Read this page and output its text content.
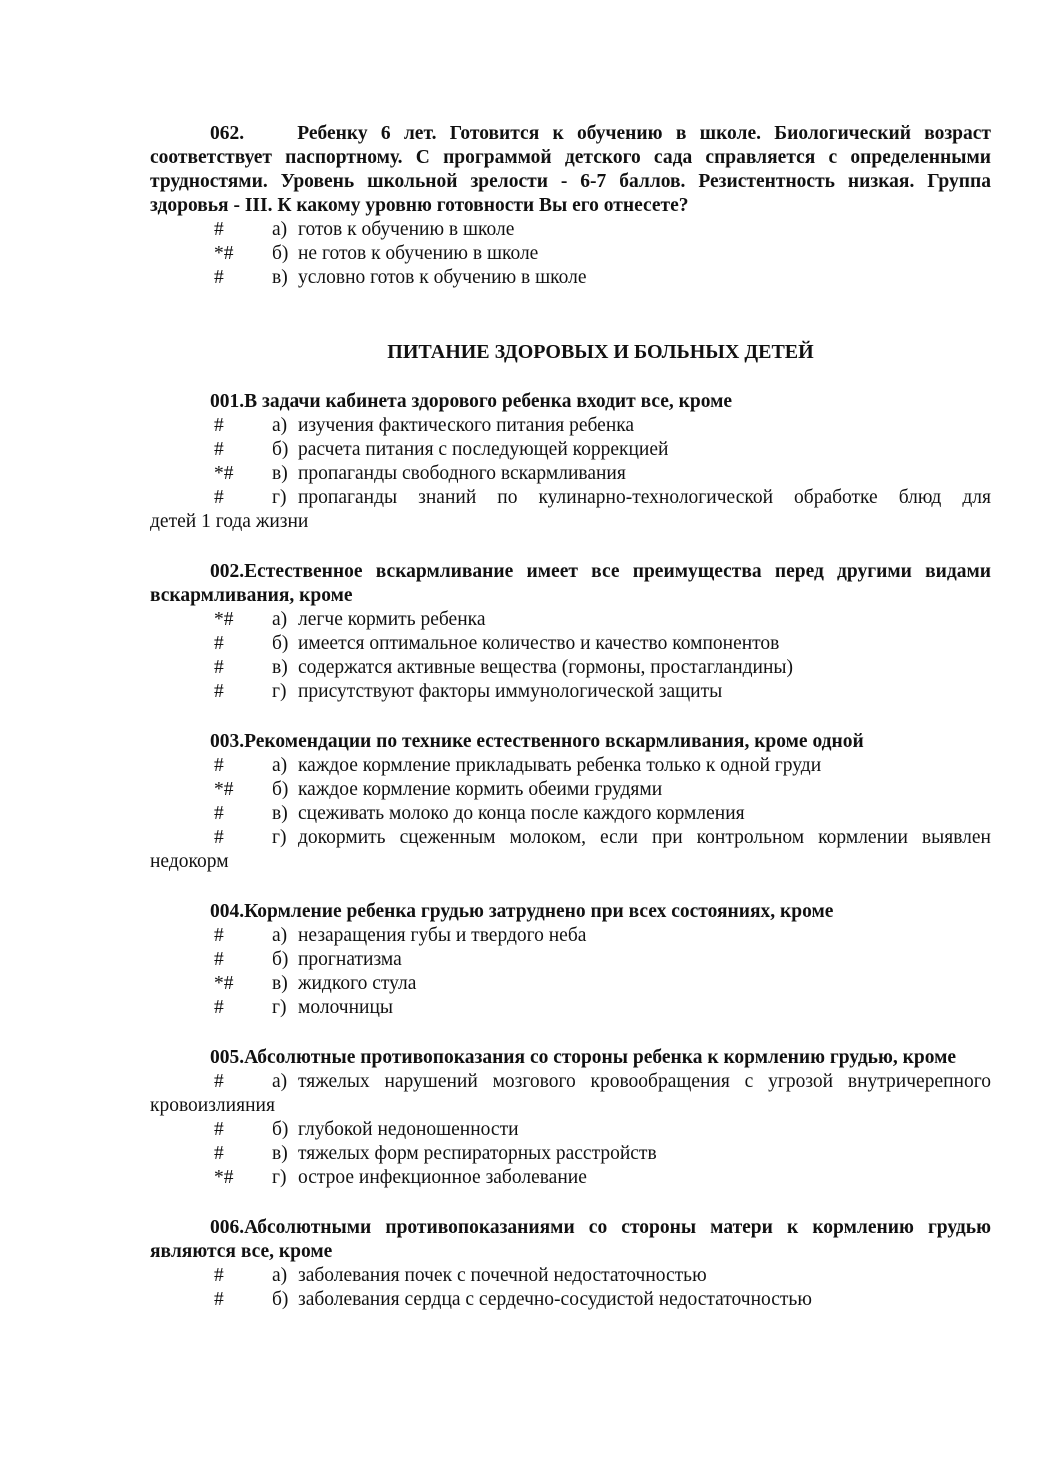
062.	Ребенку 6 лет. Готовится к обучению в школе. Биологический возраст соответствует паспортному. С программой детского сада справляется с определенными трудностями. Уровень школьной зрелости - 6-7 баллов. Резистентность низкая. Группа здоровья - III. К какому уровню готовности Вы его отнесете?
#	а) готов к обучению в школе
*#	б) не готов к обучению в школе
#	в) условно готов к обучению в школе
ПИТАНИЕ ЗДОРОВЫХ И БОЛЬНЫХ ДЕТЕЙ
001.В задачи кабинета здорового ребенка входит все, кроме
#	а) изучения фактического питания ребенка
#	б) расчета питания с последующей коррекцией
*#	в) пропаганды свободного вскармливания
#	г) пропаганды знаний по кулинарно-технологической обработке блюд для
детей 1 года жизни
002.Естественное вскармливание имеет все преимущества перед другими видами вскармливания, кроме
*#	а) легче кормить ребенка
#	б) имеется оптимальное количество и качество компонентов
#	в) содержатся активные вещества (гормоны, простагландины)
#	г) присутствуют факторы иммунологической защиты
003.Рекомендации по технике естественного вскармливания, кроме одной
#	а) каждое кормление прикладывать ребенка только к одной груди
*#	б) каждое кормление кормить обеими грудями
#	в) сцеживать молоко до конца после каждого кормления
#	г) докормить сцеженным молоком, если при контрольном кормлении выявлен
недокорм
004.Кормление ребенка грудью затруднено при всех состояниях, кроме
#	а) незаращения губы и твердого неба
#	б) прогнатизма
*#	в) жидкого стула
#	г) молочницы
005.Абсолютные противопоказания со стороны ребенка к кормлению грудью, кроме
#	а) тяжелых нарушений мозгового кровообращения с угрозой внутричерепного
кровоизлияния
#	б) глубокой недоношенности
#	в) тяжелых форм респираторных расстройств
*#	г) острое инфекционное заболевание
006.Абсолютными противопоказаниями со стороны матери к кормлению грудью являются все, кроме
#	а) заболевания почек с почечной недостаточностью
#	б) заболевания сердца с сердечно-сосудистой недостаточностью
